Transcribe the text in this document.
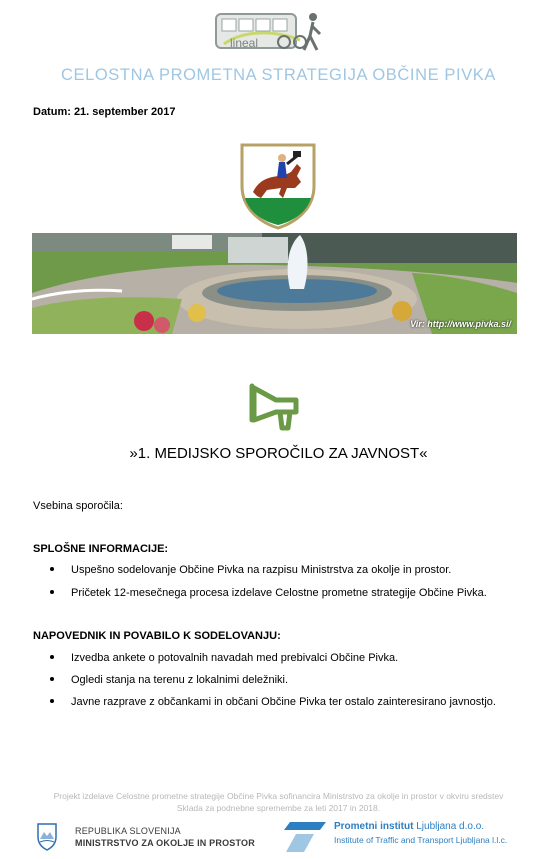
lineal
CELOSTNA PROMETNA STRATEGIJA OBČINE PIVKA
Datum: 21. september 2017
Vir: http://www.pivka.si/
»1. MEDIJSKO SPOROČILO ZA JAVNOST«
Vsebina sporočila:
SPLOŠNE INFORMACIJE:
Uspešno sodelovanje Občine Pivka na razpisu Ministrstva za okolje in prostor.
Pričetek 12-mesečnega procesa izdelave Celostne prometne strategije Občine Pivka.
NAPOVEDNIK IN POVABILO K SODELOVANJU:
Izvedba ankete o potovalnih navadah med prebivalci Občine Pivka.
Ogledi stanja na terenu z lokalnimi deležniki.
Javne razprave z občankami in občani Občine Pivka ter ostalo zainteresirano javnostjo.
Projekt izdelave Celostne prometne strategije Občine Pivka sofinancira Ministrstvo za okolje in prostor v okviru sredstev
Sklada za podnebne spremembe za leti 2017 in 2018.
REPUBLIKA SLOVENIJA
MINISTRSTVO ZA OKOLJE IN PROSTOR
Prometni institut Ljubljana d.o.o.
Institute of Traffic and Transport Ljubljana l.l.c.
